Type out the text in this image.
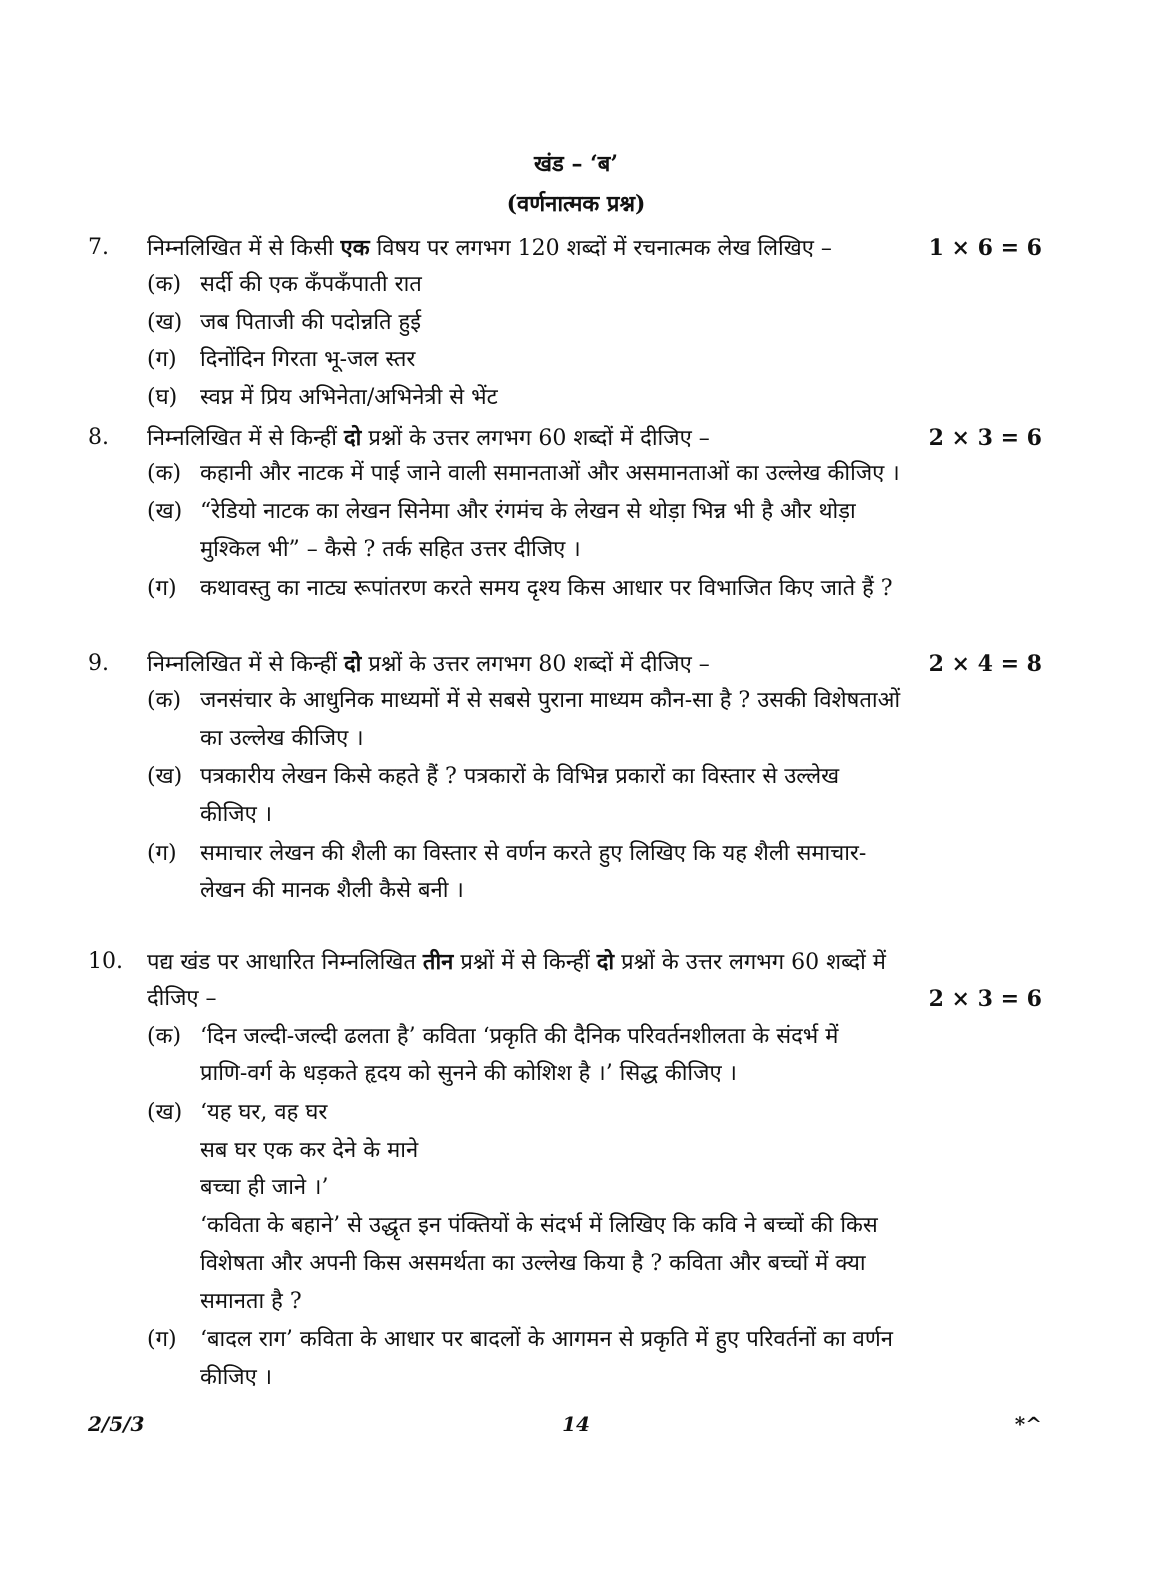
खंड – ‘ब’
(वर्णनात्मक प्रश्न)
7. निम्नलिखित में से किसी एक विषय पर लगभग 120 शब्दों में रचनात्मक लेख लिखिए –	1 × 6 = 6
(क) सर्दी की एक कँपकँपाती रात
(ख) जब पिताजी की पदोन्नति हुई
(ग) दिनोंदिन गिरता भू-जल स्तर
(घ) स्वप्न में प्रिय अभिनेता/अभिनेत्री से भेंट
8. निम्नलिखित में से किन्हीं दो प्रश्नों के उत्तर लगभग 60 शब्दों में दीजिए –	2 × 3 = 6
(क) कहानी और नाटक में पाई जाने वाली समानताओं और असमानताओं का उल्लेख कीजिए ।
(ख) “रेडियो नाटक का लेखन सिनेमा और रंगमंच के लेखन से थोड़ा भिन्न भी है और थोड़ा
मुश्किल भी” – कैसे ? तर्क सहित उत्तर दीजिए ।
(ग) कथावस्तु का नाट्य रूपांतरण करते समय दृश्य किस आधार पर विभाजित किए जाते हैं ?
9. निम्नलिखित में से किन्हीं दो प्रश्नों के उत्तर लगभग 80 शब्दों में दीजिए –	2 × 4 = 8
(क) जनसंचार के आधुनिक माध्यमों में से सबसे पुराना माध्यम कौन-सा है ? उसकी विशेषताओं
का उल्लेख कीजिए ।
(ख) पत्रकारीय लेखन किसे कहते हैं ? पत्रकारों के विभिन्न प्रकारों का विस्तार से उल्लेख
कीजिए ।
(ग) समाचार लेखन की शैली का विस्तार से वर्णन करते हुए लिखिए कि यह शैली समाचार-
लेखन की मानक शैली कैसे बनी ।
10. पद्य खंड पर आधारित निम्नलिखित तीन प्रश्नों में से किन्हीं दो प्रश्नों के उत्तर लगभग 60 शब्दों में
दीजिए –	2 × 3 = 6
(क) ‘दिन जल्दी-जल्दी ढलता है’ कविता ‘प्रकृति की दैनिक परिवर्तनशीलता के संदर्भ में
प्राणि-वर्ग के धड़कते हृदय को सुनने की कोशिश है ।’ सिद्ध कीजिए ।
(ख) ‘यह घर, वह घर
सब घर एक कर देने के माने
बच्चा ही जाने ।’
‘कविता के बहाने’ से उद्धृत इन पंक्तियों के संदर्भ में लिखिए कि कवि ने बच्चों की किस
विशेषता और अपनी किस असमर्थता का उल्लेख किया है ? कविता और बच्चों में क्या
समानता है ?
(ग) ‘बादल राग’ कविता के आधार पर बादलों के आगमन से प्रकृति में हुए परिवर्तनों का वर्णन
कीजिए ।
2/5/3	14	*^
